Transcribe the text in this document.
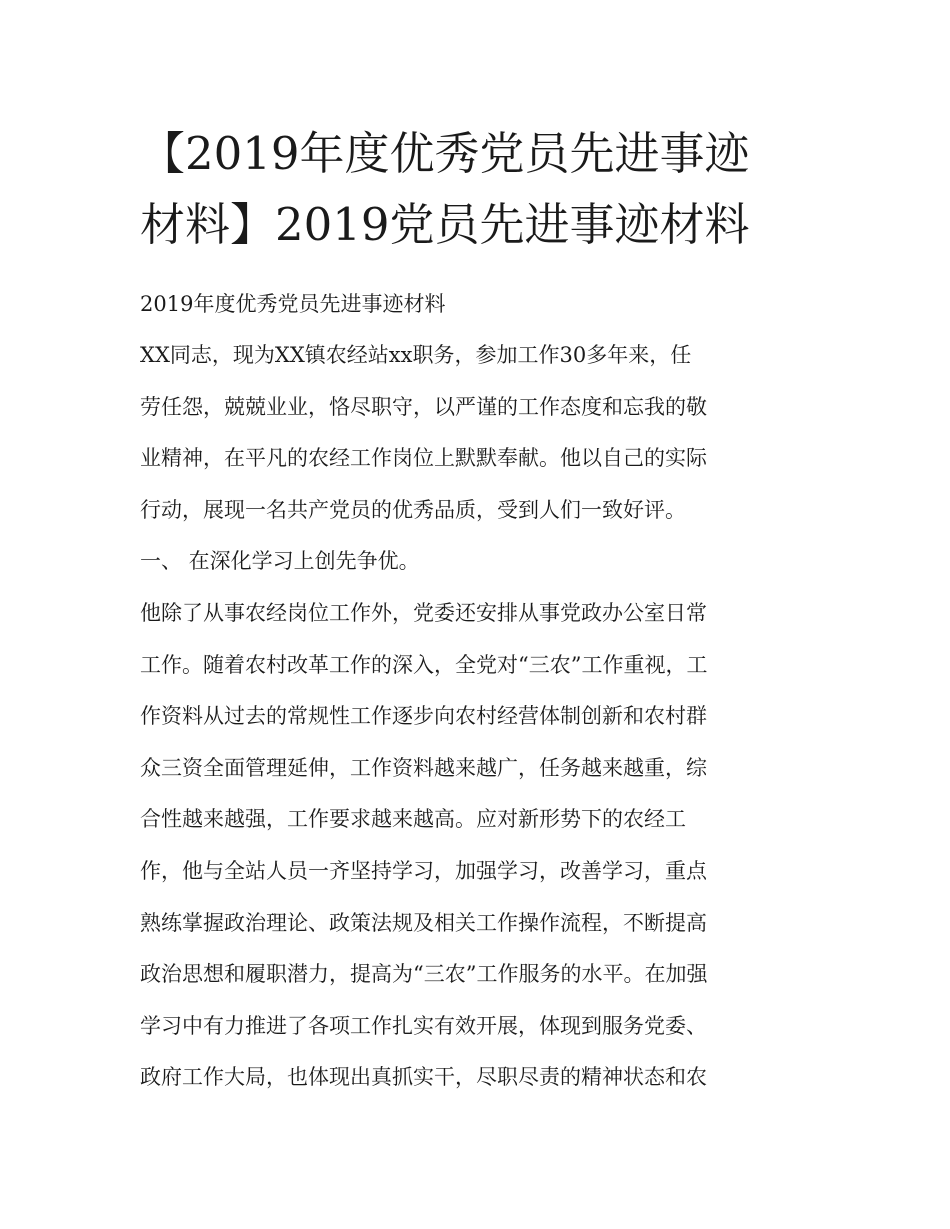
【2019年度优秀党员先进事迹
材料】2019党员先进事迹材料
2019年度优秀党员先进事迹材料
XX同志，现为XX镇农经站xx职务，参加工作30多年来，任
劳任怨，兢兢业业，恪尽职守，以严谨的工作态度和忘我的敬
业精神，在平凡的农经工作岗位上默默奉献。他以自己的实际
行动，展现一名共产党员的优秀品质，受到人们一致好评。
一、 在深化学习上创先争优。
他除了从事农经岗位工作外，党委还安排从事党政办公室日常
工作。随着农村改革工作的深入，全党对“三农”工作重视，工
作资料从过去的常规性工作逐步向农村经营体制创新和农村群
众三资全面管理延伸，工作资料越来越广，任务越来越重，综
合性越来越强，工作要求越来越高。应对新形势下的农经工
作，他与全站人员一齐坚持学习，加强学习，改善学习，重点
熟练掌握政治理论、政策法规及相关工作操作流程，不断提高
政治思想和履职潜力，提高为“三农”工作服务的水平。在加强
学习中有力推进了各项工作扎实有效开展，体现到服务党委、
政府工作大局，也体现出真抓实干，尽职尽责的精神状态和农
